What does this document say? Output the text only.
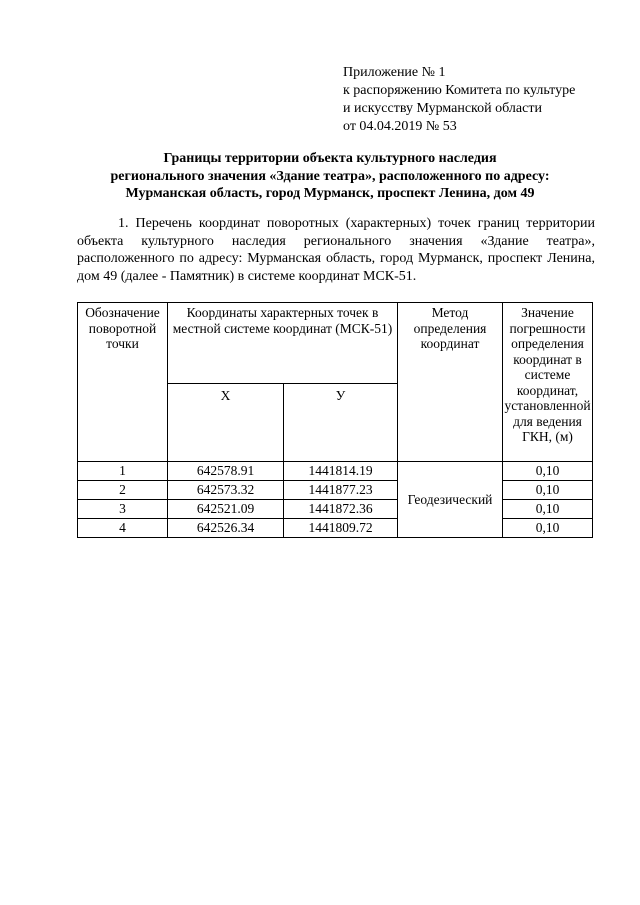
Приложение № 1
к распоряжению Комитета по культуре
и искусству Мурманской области
от 04.04.2019 № 53
Границы территории объекта культурного наследия
регионального значения «Здание театра», расположенного по адресу:
Мурманская область, город Мурманск, проспект Ленина, дом 49
1. Перечень координат поворотных (характерных) точек границ территории объекта культурного наследия регионального значения «Здание театра», расположенного по адресу: Мурманская область, город Мурманск, проспект Ленина, дом 49 (далее - Памятник) в системе координат МСК-51.
Обозначение поворотной точки	Координаты характерных точек в местной системе координат (МСК-51)		Метод определения координат	Значение погрешности определения координат в системе координат, установленной для ведения ГКН, (м)
	Х	У		
1	642578.91	1441814.19	Геодезический	0,10
2	642573.32	1441877.23		0,10
3	642521.09	1441872.36		0,10
4	642526.34	1441809.72		0,10
